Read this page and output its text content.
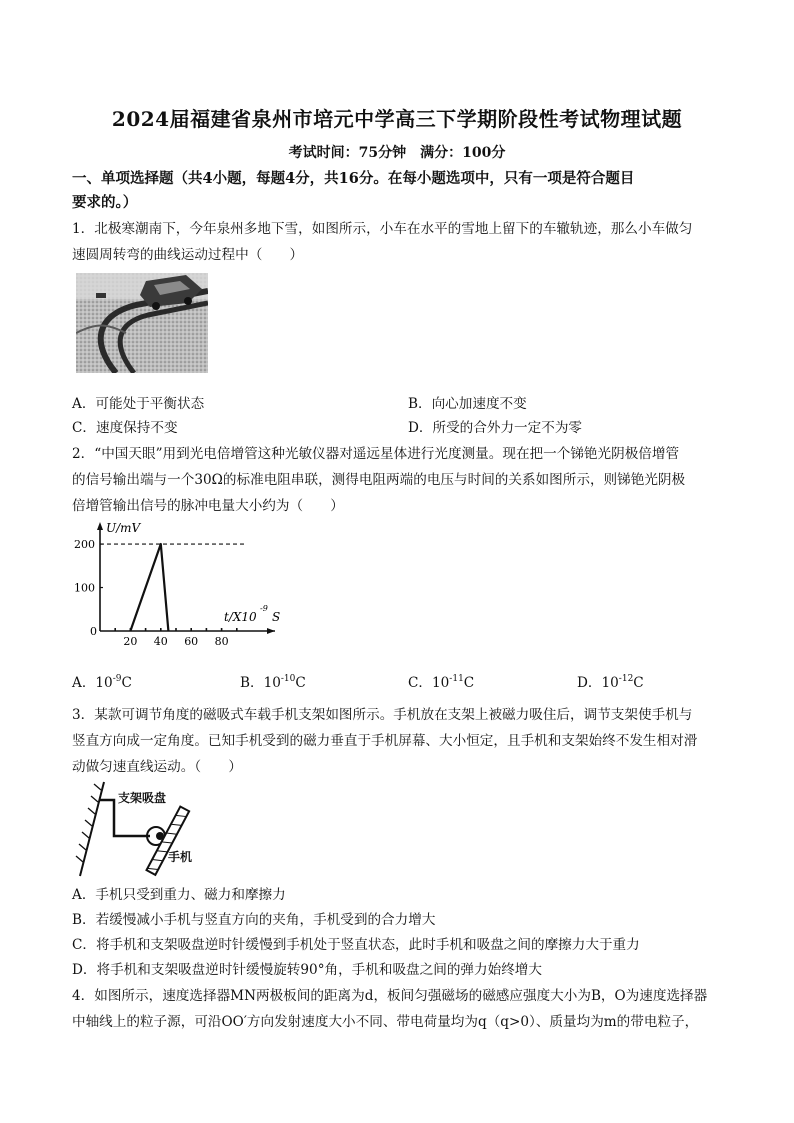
2024届福建省泉州市培元中学高三下学期阶段性考试物理试题
考试时间：75分钟　满分：100分
一、单项选择题（共4小题，每题4分，共16分。在每小题选项中，只有一项是符合题目
要求的。）
1．北极寒潮南下，今年泉州多地下雪，如图所示，小车在水平的雪地上留下的车辙轨迹，那么小车做匀
速圆周转弯的曲线运动过程中（　　）
A．可能处于平衡状态	B．向心加速度不变
C．速度保持不变	D．所受的合外力一定不为零
2．“中国天眼”用到光电倍增管这种光敏仪器对遥远星体进行光度测量。现在把一个锑铯光阴极倍增管
的信号输出端与一个30Ω的标准电阻串联，测得电阻两端的电压与时间的关系如图所示，则锑铯光阴极
倍增管输出信号的脉冲电量大小约为（　　）
U/mV
t/X10
-9
S
0
200
100
20 40 60 80
A．$10^{-9}C$	B．$10^{-10}C$	C．$10^{-11}C$	D．$10^{-12}C$
3．某款可调节角度的磁吸式车载手机支架如图所示。手机放在支架上被磁力吸住后，调节支架使手机与
竖直方向成一定角度。已知手机受到的磁力垂直于手机屏幕、大小恒定，且手机和支架始终不发生相对滑
动做匀速直线运动。（　　）
支架吸盘
手机
A．手机只受到重力、磁力和摩擦力
B．若缓慢减小手机与竖直方向的夹角，手机受到的合力增大
C．将手机和支架吸盘逆时针缓慢到手机处于竖直状态，此时手机和吸盘之间的摩擦力大于重力
D．将手机和支架吸盘逆时针缓慢旋转90°角，手机和吸盘之间的弹力始终增大
4．如图所示，速度选择器MN两极板间的距离为d，板间匀强磁场的磁感应强度大小为B，O为速度选择器
中轴线上的粒子源，可沿OO′方向发射速度大小不同、带电荷量均为q（q>0）、质量均为m的带电粒子，
